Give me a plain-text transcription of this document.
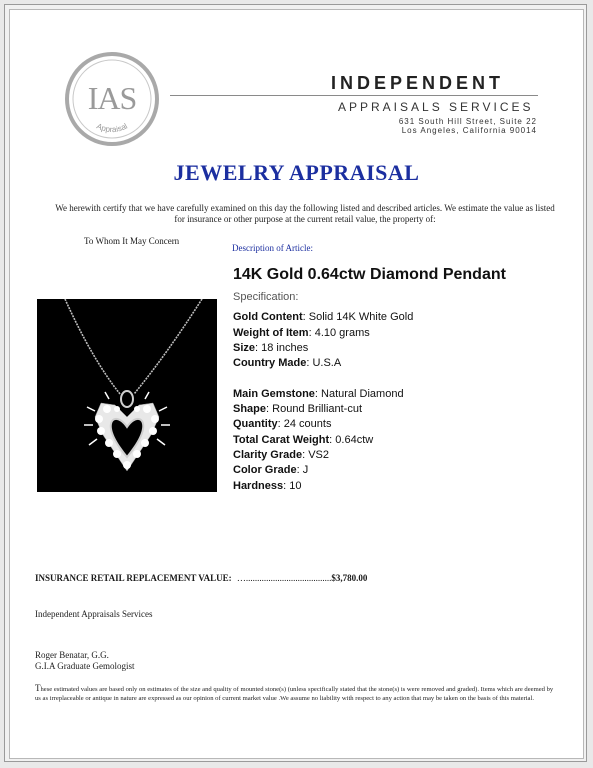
IAS
Appraisal
INDEPENDENT
APPRAISALS SERVICES
631 South Hill Street, Suite 22
Los Angeles, California 90014
JEWELRY APPRAISAL
We herewith certify that we have carefully examined on this day the following listed and described articles. We estimate the value as listed for insurance or other purpose at the current retail value, the property of:
To Whom It May Concern
Description of Article:
14K Gold 0.64ctw Diamond Pendant
Specification:
Gold Content: Solid 14K White Gold
Weight of Item: 4.10 grams
Size: 18 inches
Country Made: U.S.A
Main Gemstone: Natural Diamond
Shape: Round Brilliant-cut
Quantity: 24 counts
Total Carat Weight: 0.64ctw
Clarity Grade: VS2
Color Grade: J
Hardness: 10
INSURANCE RETAIL REPLACEMENT VALUE: …......................................$3,780.00
Independent Appraisals Services
Roger Benatar, G.G.
G.I.A Graduate Gemologist
These estimated values are based only on estimates of the size and quality of mounted stone(s) (unless specifically stated that the stone(s) is were removed and graded). Items which are deemed by us as irreplaceable or antique in nature are expressed as our opinion of current market value .We assume no liability with respect to any action that may be taken on the basis of this material.
